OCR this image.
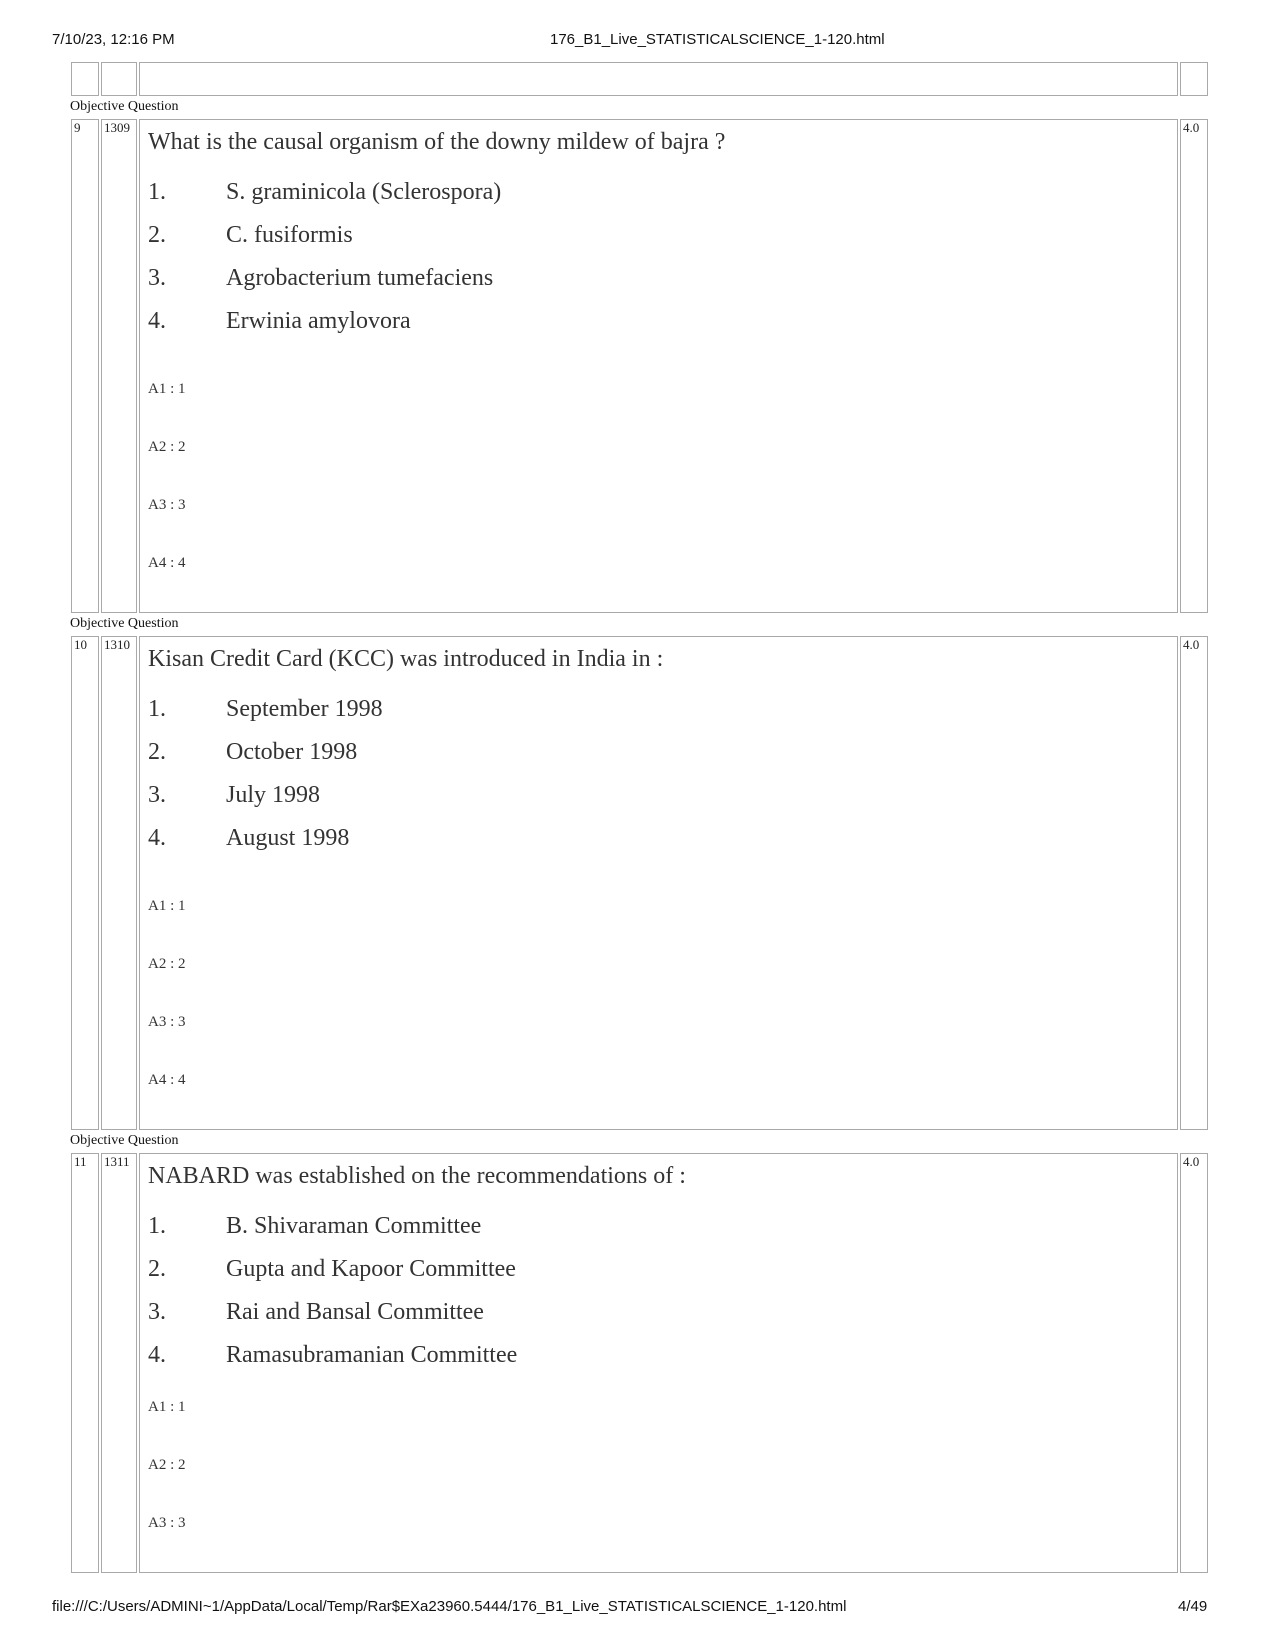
7/10/23, 12:16 PM	176_B1_Live_STATISTICALSCIENCE_1-120.html

Objective Question
9	1309	
What is the causal organism of the downy mildew of bajra ?
1.	S. graminicola (Sclerospora)
2.	C. fusiformis
3.	Agrobacterium tumefaciens
4.	Erwinia amylovora
A1 : 1
A2 : 2
A3 : 3
A4 : 4
	4.0
Objective Question
10	1310	
Kisan Credit Card (KCC) was introduced in India in :
1.	September 1998
2.	October 1998
3.	July 1998
4.	August 1998
A1 : 1
A2 : 2
A3 : 3
A4 : 4
	4.0
Objective Question
11	1311	
NABARD was established on the recommendations of :
1.	B. Shivaraman Committee
2.	Gupta and Kapoor Committee
3.	Rai and Bansal Committee
4.	Ramasubramanian Committee
A1 : 1
A2 : 2
A3 : 3
	4.0
file:///C:/Users/ADMINI~1/AppData/Local/Temp/Rar$EXa23960.5444/176_B1_Live_STATISTICALSCIENCE_1-120.html	4/49
